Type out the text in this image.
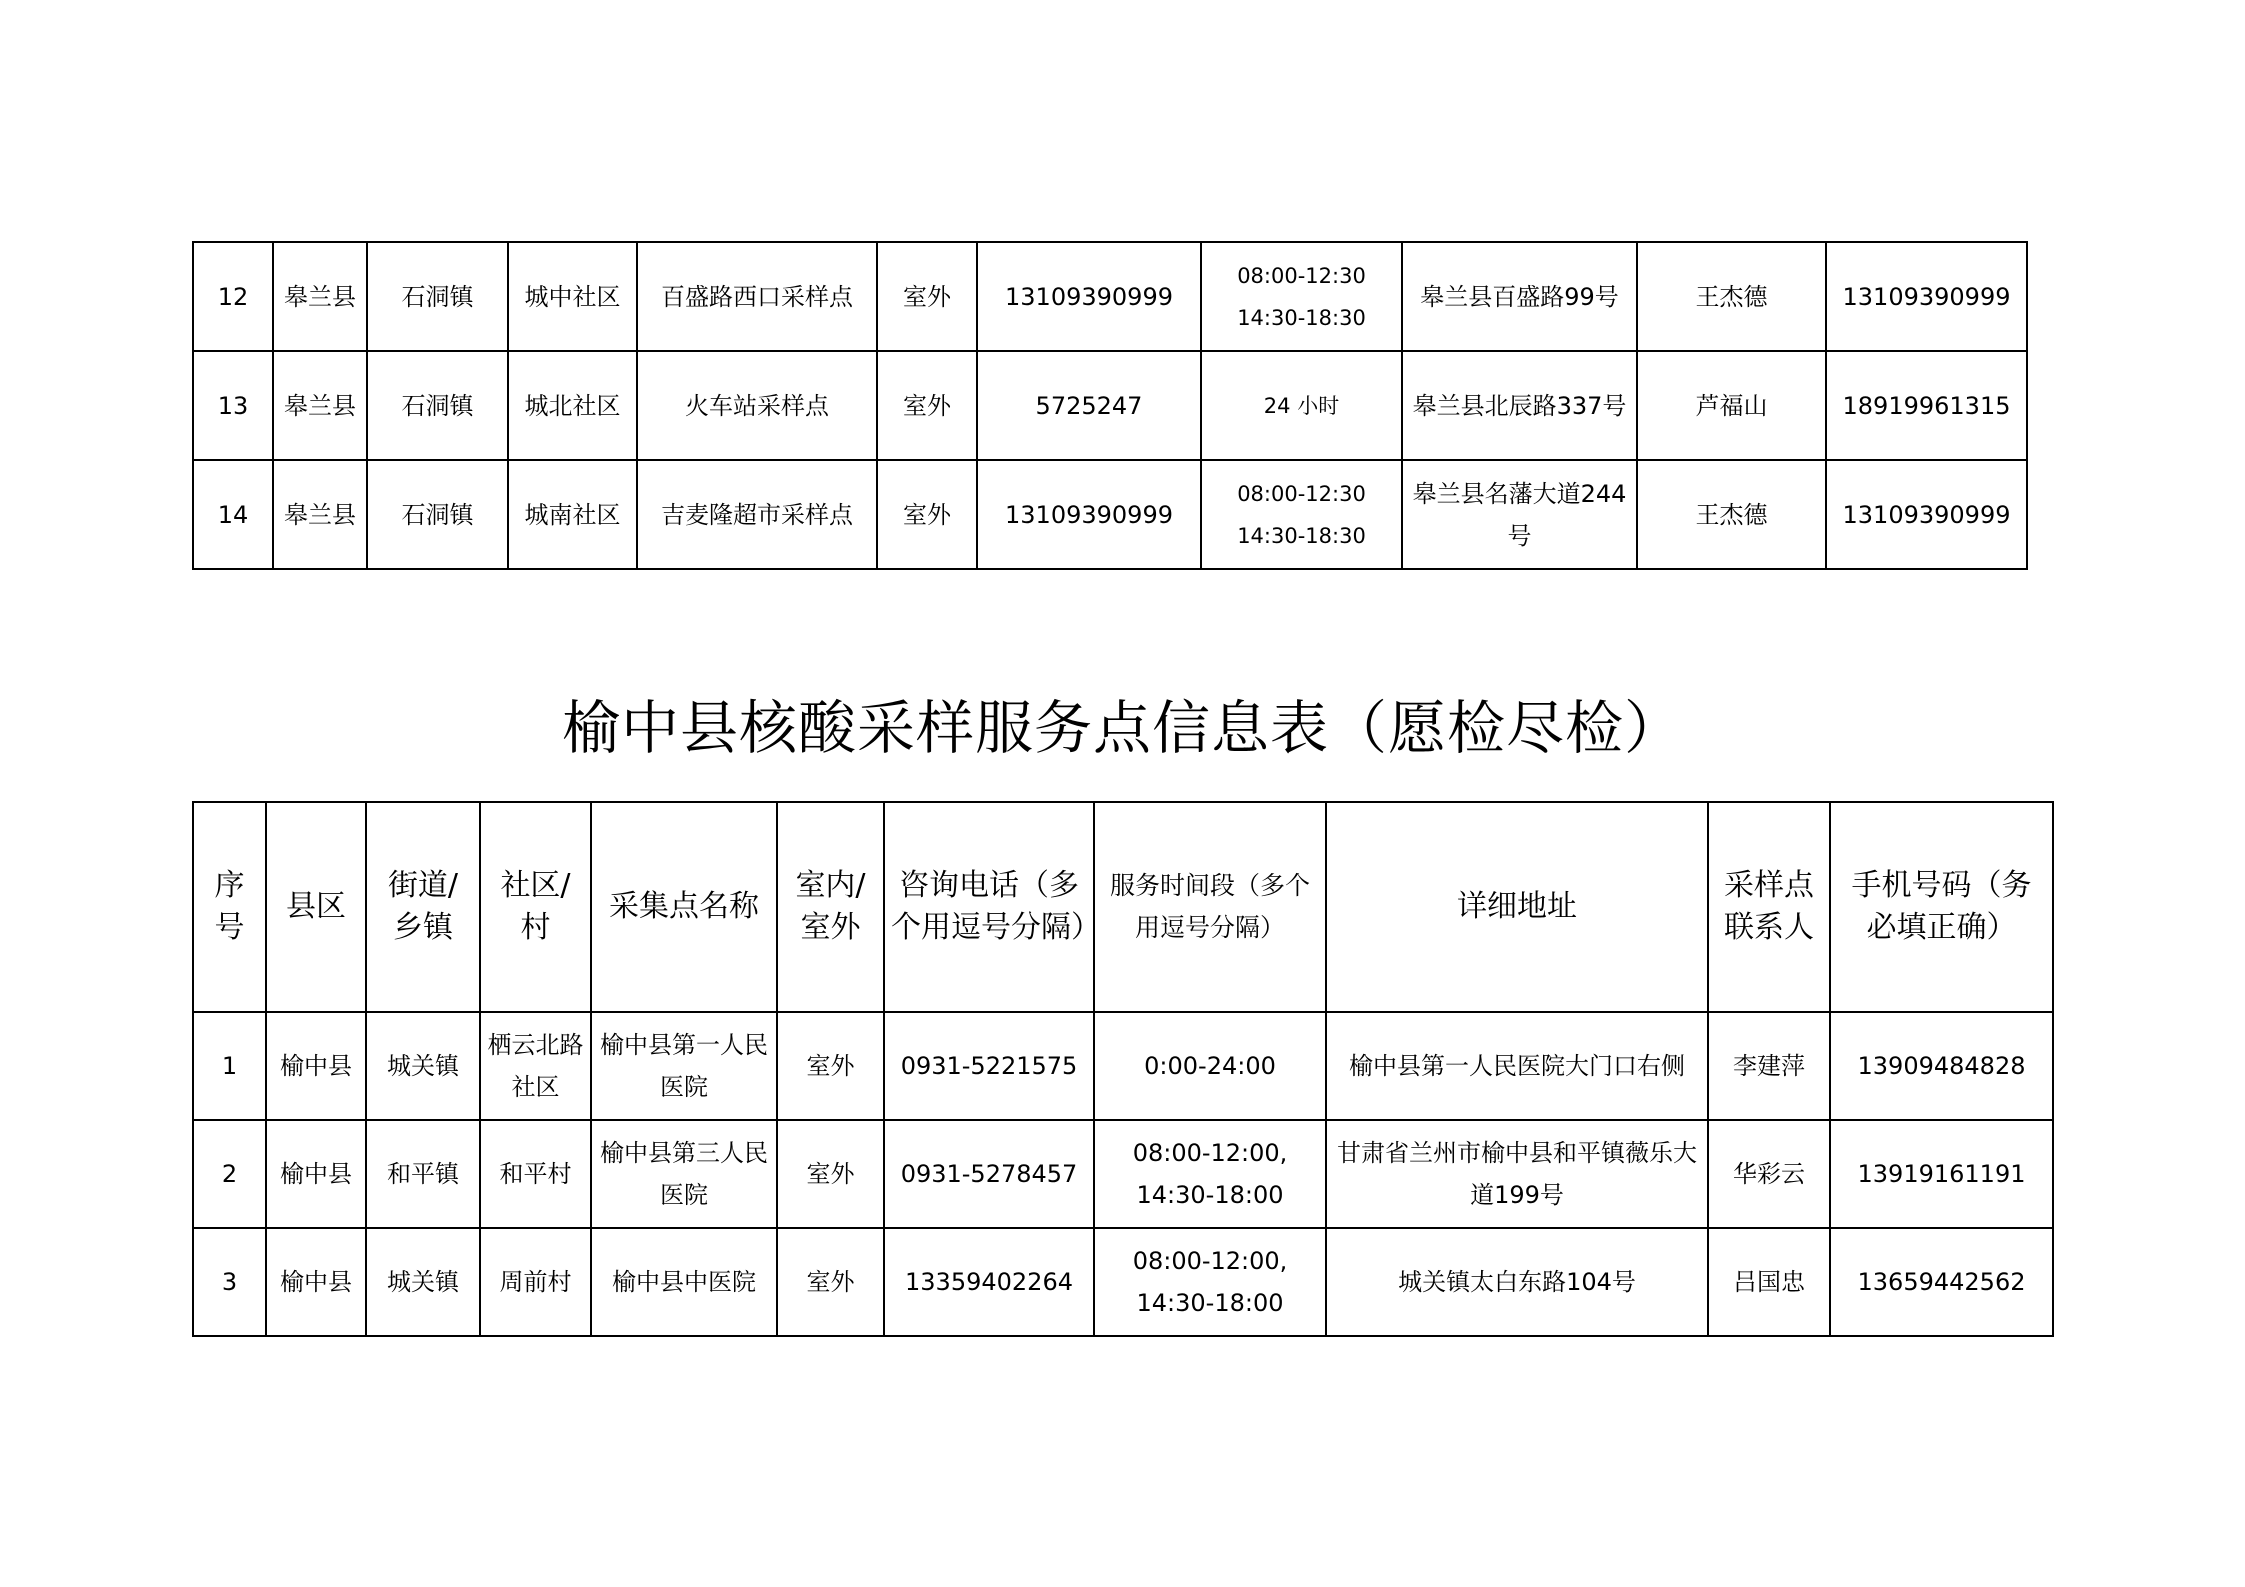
12	皋兰县	石洞镇	城中社区	百盛路西口采样点	室外	13109390999	08:00-12:30
14:30-18:30	皋兰县百盛路99号	王杰德	13109390999
13	皋兰县	石洞镇	城北社区	火车站采样点	室外	5725247	24 小时	皋兰县北辰路337号	芦福山	18919961315
14	皋兰县	石洞镇	城南社区	吉麦隆超市采样点	室外	13109390999	08:00-12:30
14:30-18:30	皋兰县名藩大道244号	王杰德	13109390999
榆中县核酸采样服务点信息表（愿检尽检）
序号	县区	街道/乡镇	社区/村	采集点名称	室内/室外	咨询电话（多个用逗号分隔）	服务时间段（多个用逗号分隔）	详细地址	采样点联系人	手机号码（务必填正确）
1	榆中县	城关镇	栖云北路社区	榆中县第一人民医院	室外	0931-5221575	0:00-24:00	榆中县第一人民医院大门口右侧	李建萍	13909484828
2	榆中县	和平镇	和平村	榆中县第三人民医院	室外	0931-5278457	08:00-12:00,
14:30-18:00	甘肃省兰州市榆中县和平镇薇乐大道199号	华彩云	13919161191
3	榆中县	城关镇	周前村	榆中县中医院	室外	13359402264	08:00-12:00,
14:30-18:00	城关镇太白东路104号	吕国忠	13659442562
